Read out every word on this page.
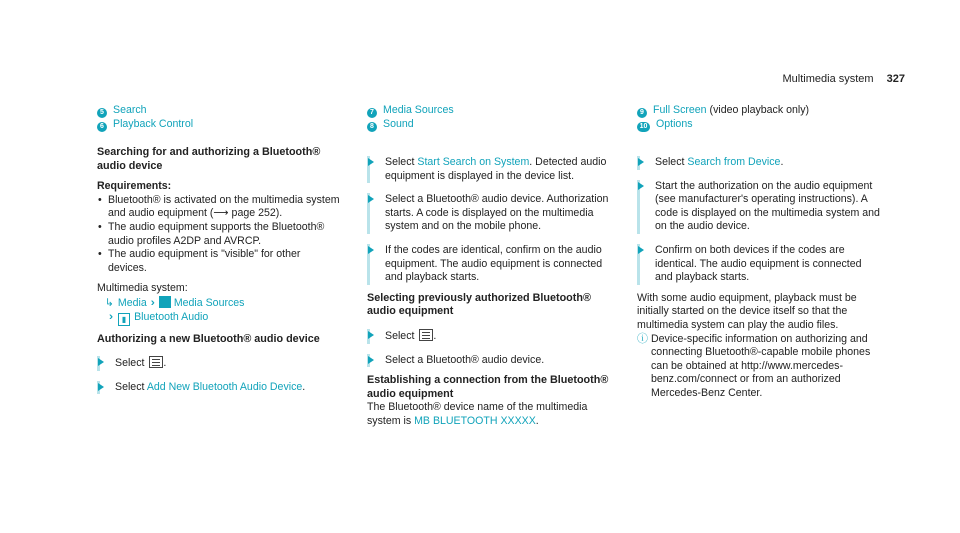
Multimedia system 327
5 Search
6 Playback Control
Searching for and authorizing a Bluetooth® audio device
Requirements:
• Bluetooth® is activated on the multimedia system and audio equipment (⟶ page 252).
• The audio equipment supports the Bluetooth® audio profiles A2DP and AVRCP.
• The audio equipment is "visible" for other devices.
Multimedia system:
↳ Media ›› Media Sources
›› ▮ Bluetooth Audio
Authorizing a new Bluetooth® audio device
Select .
Select Add New Bluetooth Audio Device.
7 Media Sources
8 Sound
Select Start Search on System. Detected audio equipment is displayed in the device list.
Select a Bluetooth® audio device. Authorization starts. A code is displayed on the multimedia system and on the mobile phone.
If the codes are identical, confirm on the audio equipment. The audio equipment is connected and playback starts.
Selecting previously authorized Bluetooth® audio equipment
Select .
Select a Bluetooth® audio device.
Establishing a connection from the Bluetooth® audio equipment
The Bluetooth® device name of the multimedia system is MB BLUETOOTH XXXXX.
9 Full Screen (video playback only)
10 Options
Select Search from Device.
Start the authorization on the audio equipment (see manufacturer's operating instructions). A code is displayed on the multimedia system and on the audio device.
Confirm on both devices if the codes are identical. The audio equipment is connected and playback starts.
With some audio equipment, playback must be initially started on the device itself so that the multimedia system can play the audio files.
ⓘ Device-specific information on authorizing and connecting Bluetooth®-capable mobile phones can be obtained at http://www.mercedes-benz.com/connect or from an authorized Mercedes-Benz Center.
